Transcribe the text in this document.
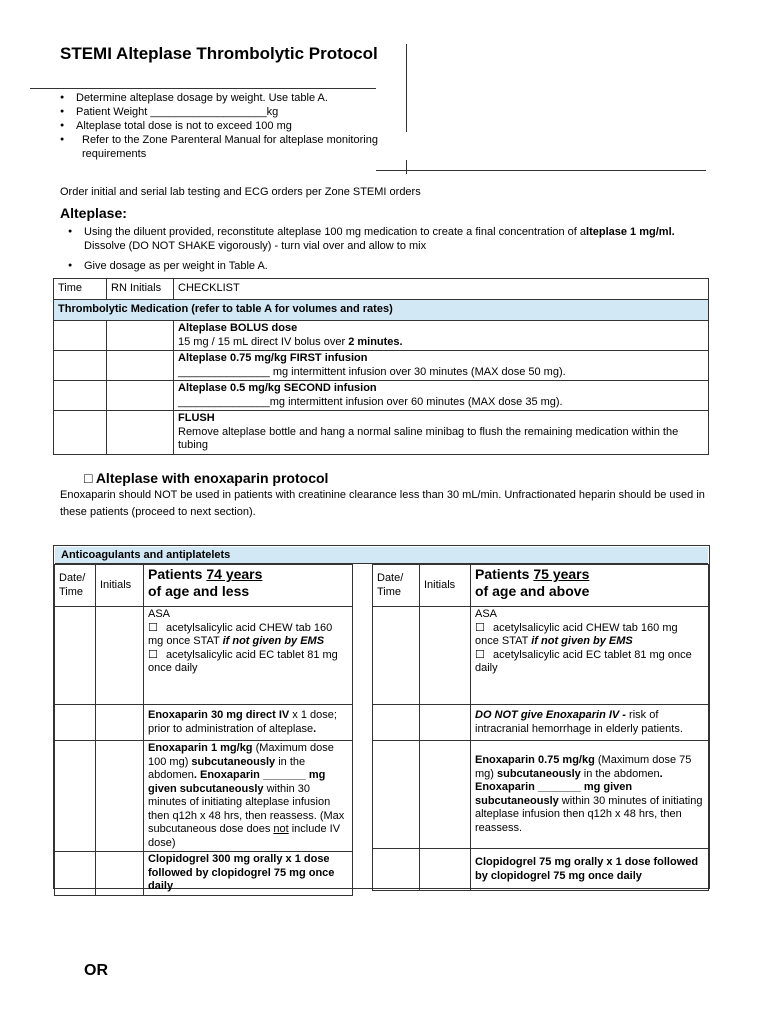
STEMI Alteplase Thrombolytic Protocol
● Determine alteplase dosage by weight. Use table A.
● Patient Weight ___________________kg
● Alteplase total dose is not to exceed 100 mg
● Refer to the Zone Parenteral Manual for alteplase monitoring requirements
Order initial and serial lab testing and ECG orders per Zone STEMI orders
Alteplase:
● Using the diluent provided, reconstitute alteplase 100 mg medication to create a final concentration of alteplase 1 mg/ml.
Dissolve (DO NOT SHAKE vigorously) - turn vial over and allow to mix
● Give dosage as per weight in Table A.
Time	RN Initials	CHECKLIST
Thrombolytic Medication (refer to table A for volumes and rates)		
		Alteplase BOLUS dose
15 mg / 15 mL direct IV bolus over 2 minutes.
		Alteplase 0.75 mg/kg FIRST infusion
_______________ mg intermittent infusion over 30 minutes (MAX dose 50 mg).
		Alteplase 0.5 mg/kg SECOND infusion
_______________mg intermittent infusion over 60 minutes (MAX dose 35 mg).
		FLUSH
Remove alteplase bottle and hang a normal saline minibag to flush the remaining medication within the tubing
□ Alteplase with enoxaparin protocol
Enoxaparin should NOT be used in patients with creatinine clearance less than 30 mL/min. Unfractionated heparin should be used in these patients (proceed to next section).
Anticoagulants and antiplatelets
Date/ Time	Initials	Patients 74 years
of age and less

		ASA
☐ acetylsalicylic acid CHEW tab 160 mg once STAT if not given by EMS
☐ acetylsalicylic acid EC tablet 81 mg once daily

		Enoxaparin 30 mg direct IV x 1 dose; prior to administration of alteplase.
		Enoxaparin 1 mg/kg (Maximum dose 100 mg) subcutaneously in the abdomen. Enoxaparin _______ mg given subcutaneously within 30 minutes of initiating alteplase infusion then q12h x 48 hrs, then reassess. (Max subcutaneous dose does not include IV dose)
		Clopidogrel 300 mg orally x 1 dose followed by clopidogrel 75 mg once daily
Date/ Time	Initials	Patients 75 years
of age and above

		ASA
☐ acetylsalicylic acid CHEW tab 160 mg once STAT if not given by EMS
☐ acetylsalicylic acid EC tablet 81 mg once daily

		DO NOT give Enoxaparin IV - risk of intracranial hemorrhage in elderly patients.
		Enoxaparin 0.75 mg/kg (Maximum dose 75 mg) subcutaneously in the abdomen. Enoxaparin _______ mg given subcutaneously within 30 minutes of initiating alteplase infusion then q12h x 48 hrs, then reassess.
		Clopidogrel 75 mg orally x 1 dose followed by clopidogrel 75 mg once daily
OR
